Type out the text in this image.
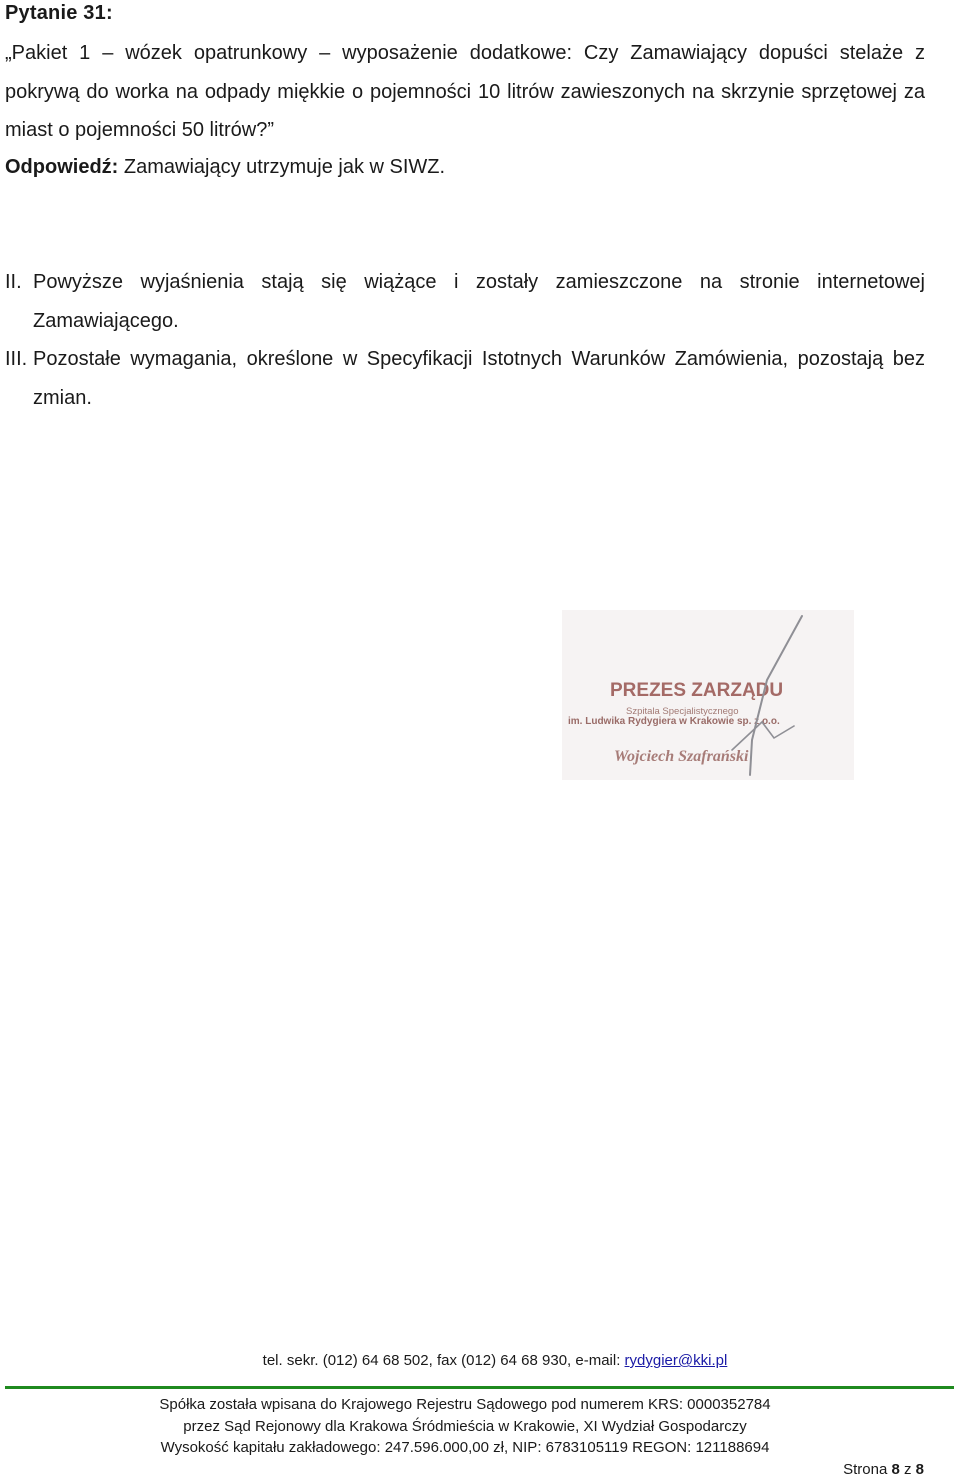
Pytanie 31:
„Pakiet 1 – wózek opatrunkowy – wyposażenie dodatkowe: Czy Zamawiający dopuści stelaże z pokrywą do worka na odpady miękkie o pojemności 10 litrów zawieszonych na skrzynie sprzętowej za miast o pojemności 50 litrów?”
Odpowiedź: Zamawiający utrzymuje jak w SIWZ.
II. Powyższe wyjaśnienia stają się wiążące i zostały zamieszczone na stronie internetowej Zamawiającego.
III. Pozostałe wymagania, określone w Specyfikacji Istotnych Warunków Zamówienia, pozostają bez zmian.
PREZES ZARZĄDU
Szpitala Specjalistycznego
im. Ludwika Rydygiera w Krakowie sp. z o.o.
Wojciech Szafrański
tel. sekr. (012) 64 68 502, fax (012) 64 68 930, e-mail: rydygier@kki.pl
Spółka została wpisana do Krajowego Rejestru Sądowego pod numerem KRS: 0000352784
przez Sąd Rejonowy dla Krakowa Śródmieścia w Krakowie, XI Wydział Gospodarczy
Wysokość kapitału zakładowego: 247.596.000,00 zł, NIP: 6783105119 REGON: 121188694
Strona 8 z 8
